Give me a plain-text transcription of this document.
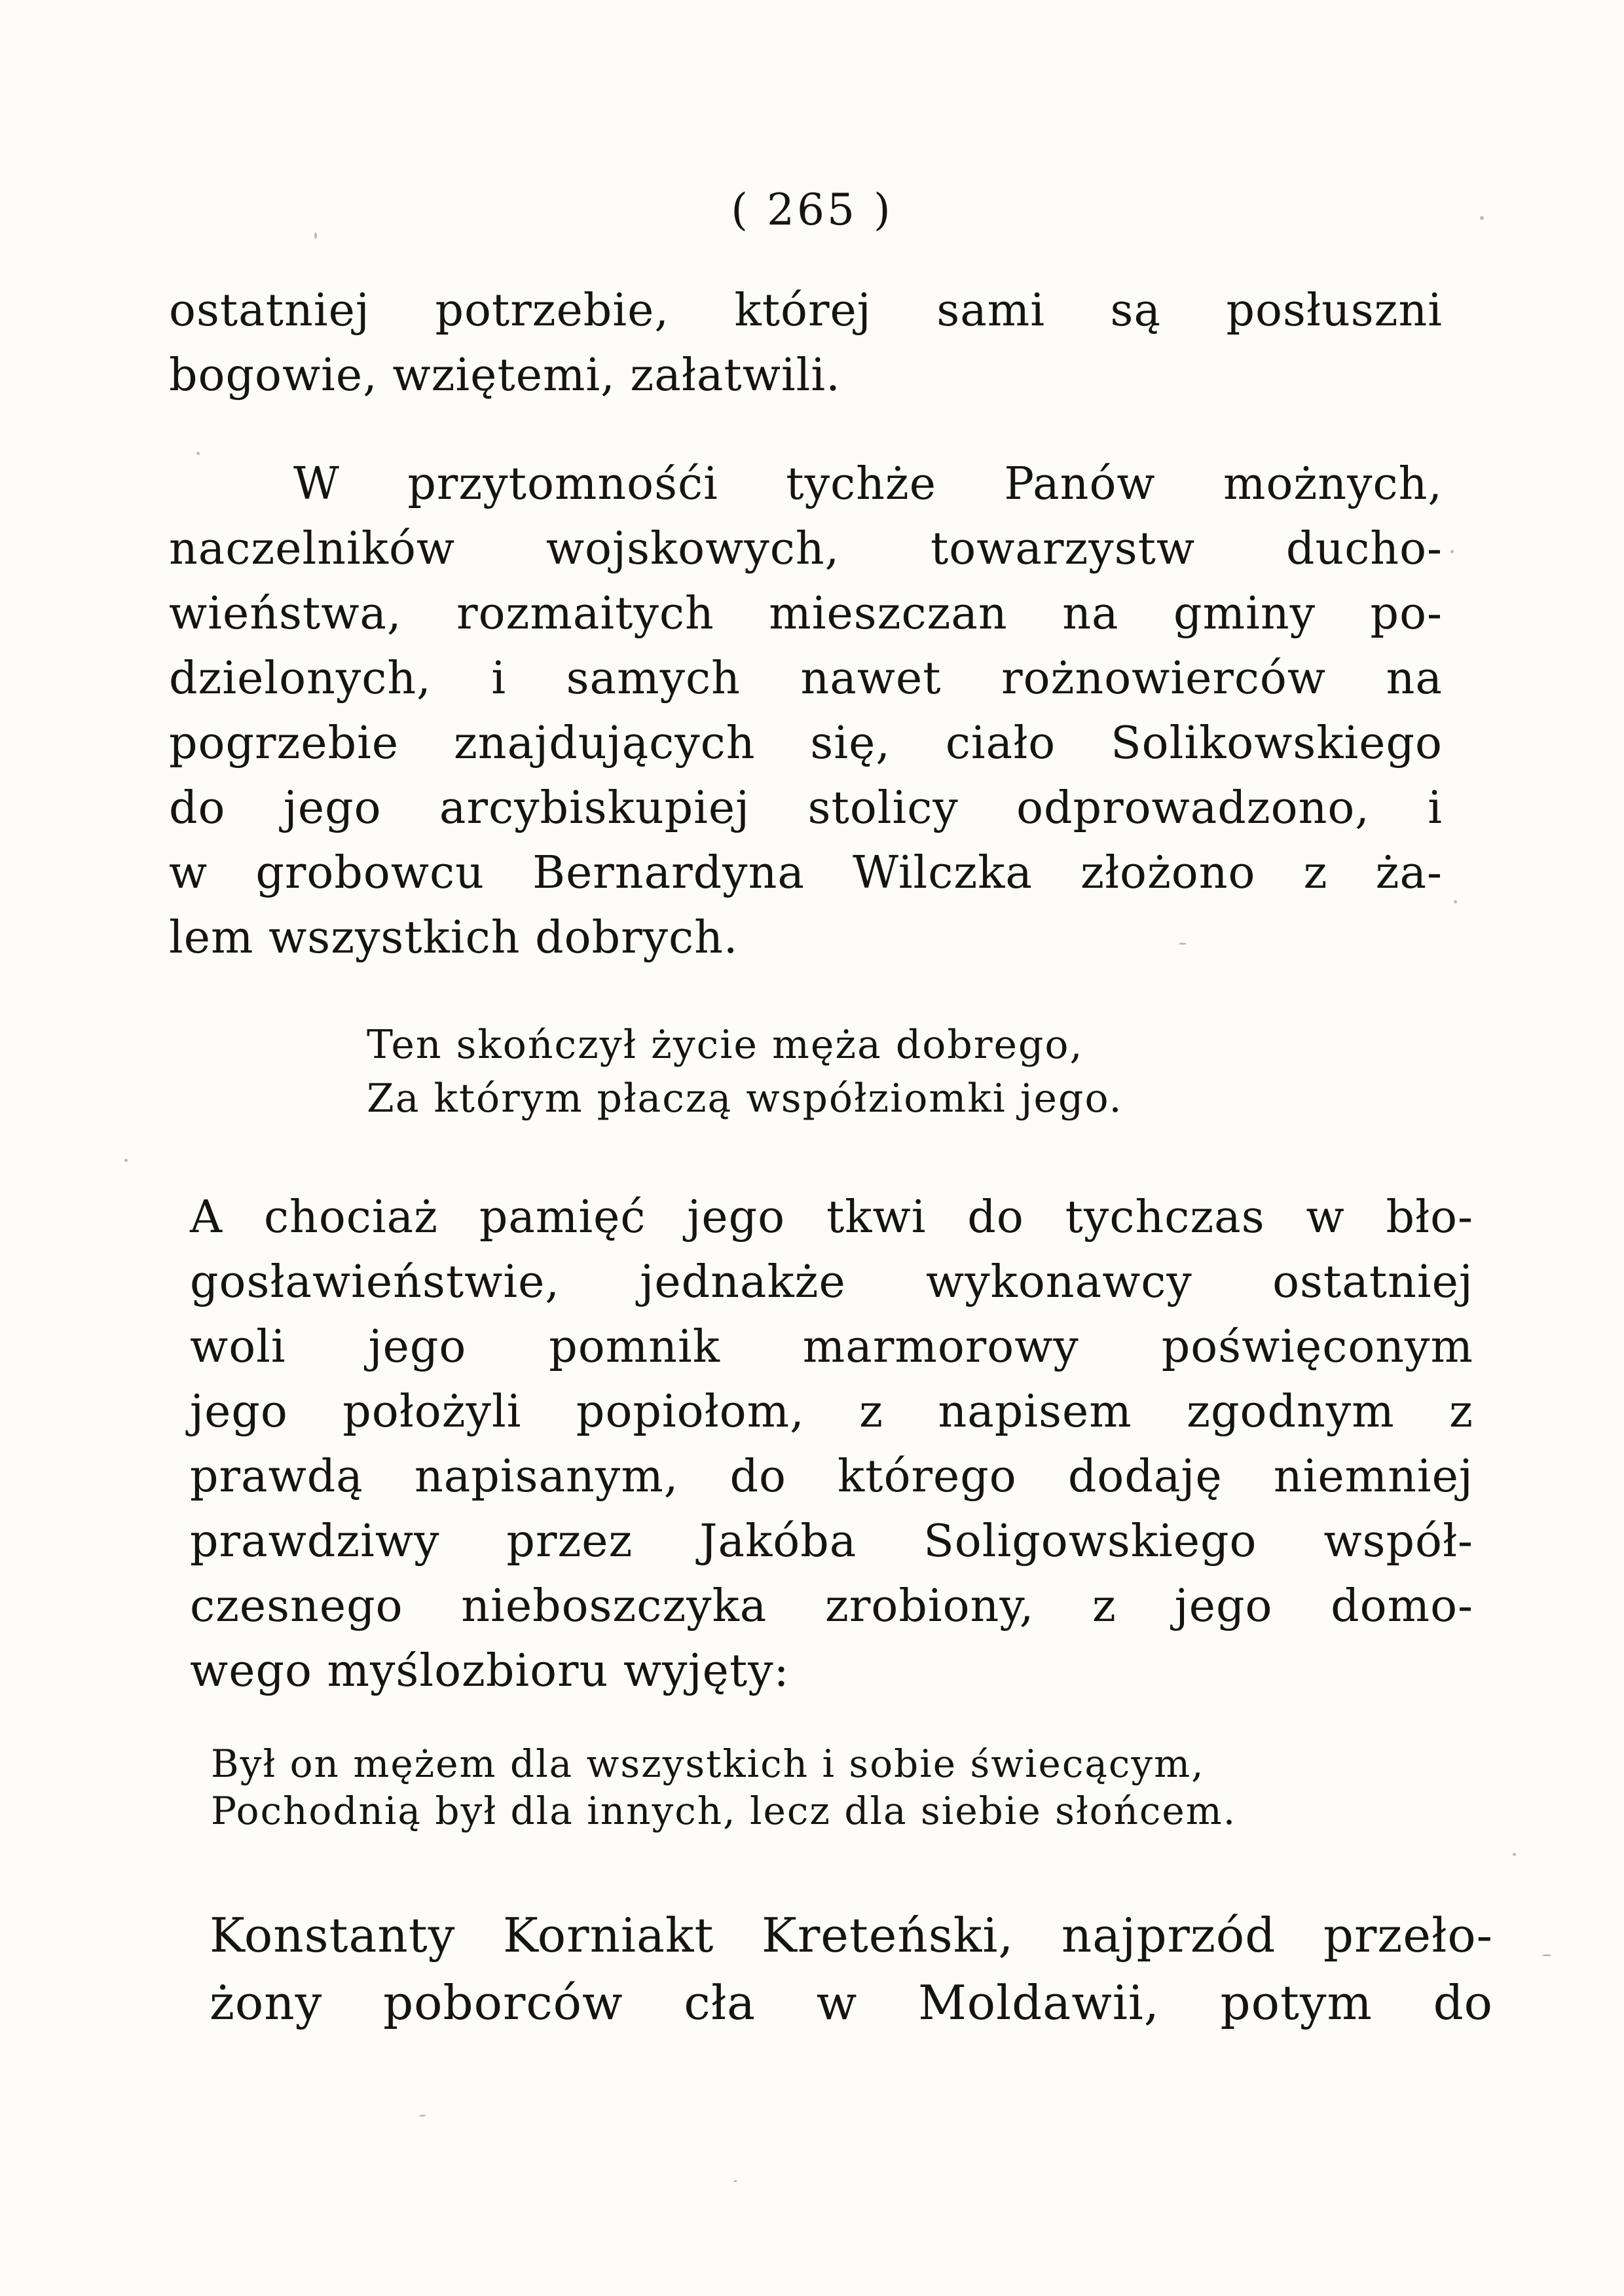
( 265 )

ostatniej potrzebie, której sami są posłuszni
bogowie, wziętemi, załatwili.

W przytomnośći tychże Panów możnych,
naczelników wojskowych, towarzystw ducho-
wieństwa, rozmaitych mieszczan na gminy po-
dzielonych, i samych nawet rożnowierców na
pogrzebie znajdujących się, ciało Solikowskiego
do jego arcybiskupiej stolicy odprowadzono, i
w grobowcu Bernardyna Wilczka złożono z ża-
lem wszystkich dobrych.

Ten skończył życie męża dobrego,
Za którym płaczą współziomki jego.

A chociaż pamięć jego tkwi do tychczas w bło-
gosławieństwie, jednakże wykonawcy ostatniej
woli jego pomnik marmorowy poświęconym
jego położyli popiołom, z napisem zgodnym z
prawdą napisanym, do którego dodaję niemniej
prawdziwy przez Jakóba Soligowskiego współ-
czesnego nieboszczyka zrobiony, z jego domo-
wego myślozbioru wyjęty:

Był on mężem dla wszystkich i sobie świecącym,
Pochodnią był dla innych, lecz dla siebie słońcem.

Konstanty Korniakt Kreteński, najprzód przeło-
żony poborców cła w Moldawii, potym do
